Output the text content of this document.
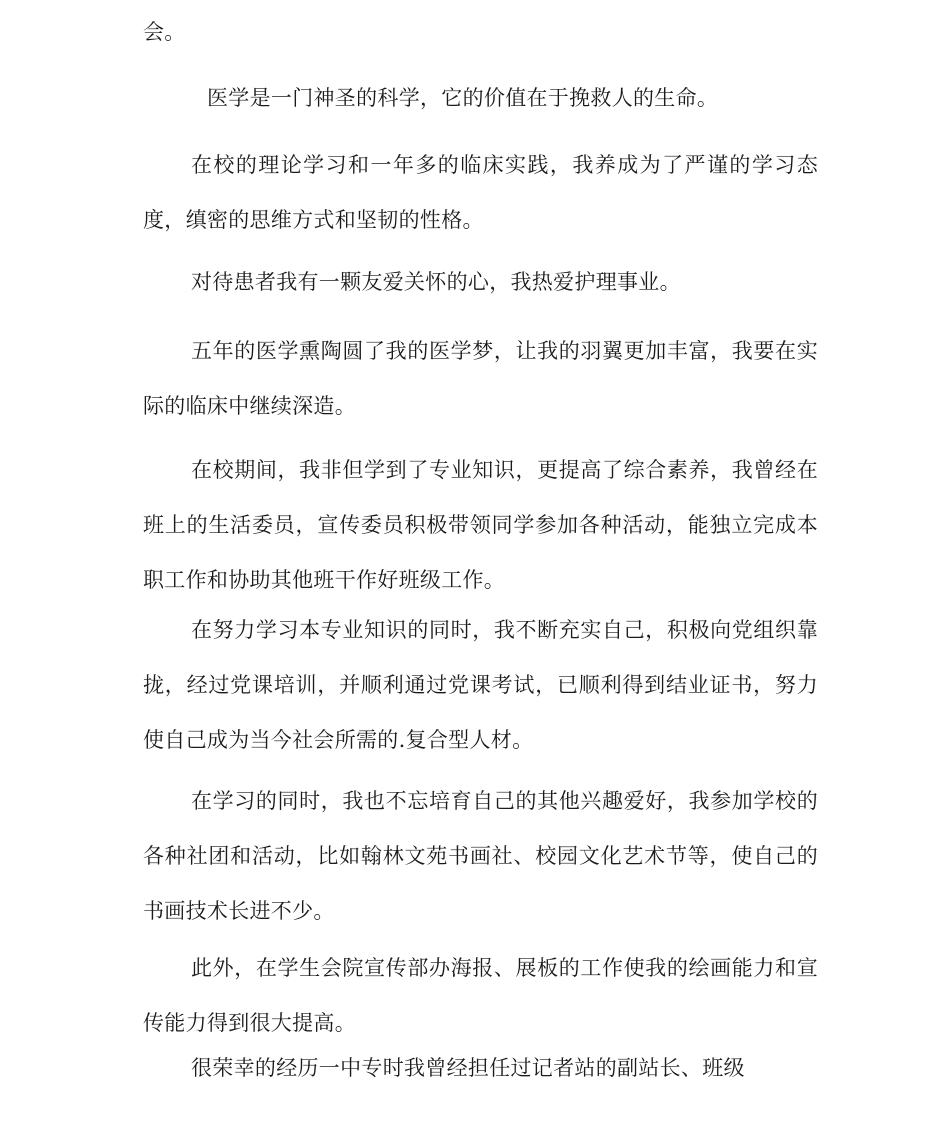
会。

医学是一门神圣的科学，它的价值在于挽救人的生命。

在校的理论学习和一年多的临床实践，我养成为了严谨的学习态度，缜密的思维方式和坚韧的性格。

对待患者我有一颗友爱关怀的心，我热爱护理事业。

五年的医学熏陶圆了我的医学梦，让我的羽翼更加丰富，我要在实际的临床中继续深造。

在校期间，我非但学到了专业知识，更提高了综合素养，我曾经在班上的生活委员，宣传委员积极带领同学参加各种活动，能独立完成本职工作和协助其他班干作好班级工作。

在努力学习本专业知识的同时，我不断充实自己，积极向党组织靠拢，经过党课培训，并顺利通过党课考试，已顺利得到结业证书，努力使自己成为当今社会所需的.复合型人材。

在学习的同时，我也不忘培育自己的其他兴趣爱好，我参加学校的各种社团和活动，比如翰林文苑书画社、校园文化艺术节等，使自己的书画技术长进不少。

此外，在学生会院宣传部办海报、展板的工作使我的绘画能力和宣传能力得到很大提高。

很荣幸的经历一中专时我曾经担任过记者站的副站长、班级
